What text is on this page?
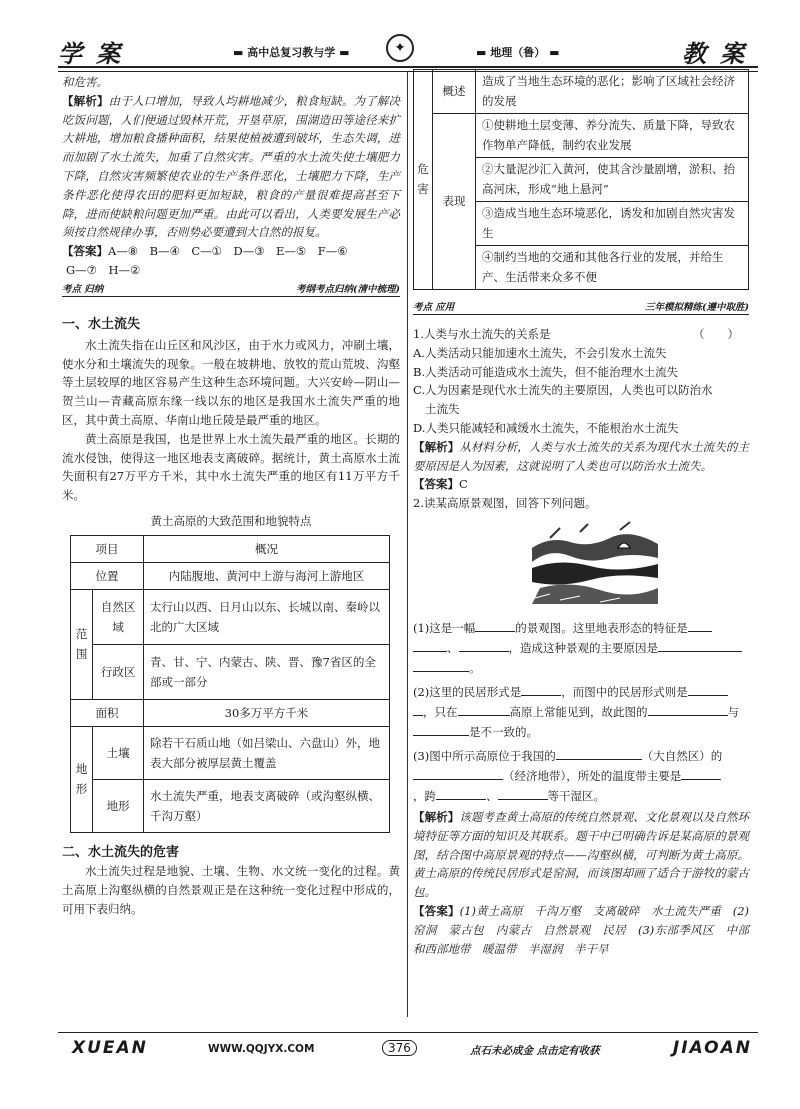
学案	▬ 高中总复习教与学 ▬	▬ 地理（鲁） ▬	教案
✦

和危害。

【解析】由于人口增加，导致人均耕地减少，粮食短缺。为了解决吃饭问题，人们便通过毁林开荒，开垦草原，围湖造田等途径来扩大耕地，增加粮食播种面积，结果使植被遭到破坏，生态失调，进而加剧了水土流失，加重了自然灾害。严重的水土流失使土壤肥力下降，自然灾害频繁使农业的生产条件恶化，土壤肥力下降，生产条件恶化使得农田的肥料更加短缺，粮食的产量很难提高甚至下降，进而使缺粮问题更加严重。由此可以看出，人类要发展生产必须按自然规律办事，否则势必要遭到大自然的报复。

【答案】A—⑧　B—④　C—①　D—③　E—⑤　F—⑥

G—⑦　H—②

考点 归纳	考纲考点归纳(清中梳理)
一、水土流失

水土流失指在山丘区和风沙区，由于水力或风力，冲刷土壤，使水分和土壤流失的现象。一般在坡耕地、放牧的荒山荒坡、沟壑等土层较厚的地区容易产生这种生态环境问题。大兴安岭—阴山—贺兰山—青藏高原东缘一线以东的地区是我国水土流失严重的地区，其中黄土高原、华南山地丘陵是最严重的地区。

黄土高原是我国，也是世界上水土流失最严重的地区。长期的流水侵蚀，使得这一地区地表支离破碎。据统计，黄土高原水土流失面积有27万平方千米，其中水土流失严重的地区有11万平方千米。

黄土高原的大致范围和地貌特点

项目		概况
位置		内陆腹地、黄河中上游与海河上游地区
范围	自然区域	太行山以西、日月山以东、长城以南、秦岭以北的广大区域
	行政区	青、甘、宁、内蒙古、陕、晋、豫7省区的全部或一部分
面积		30多万平方千米
地形	土壤	除若干石质山地（如吕梁山、六盘山）外，地表大部分被厚层黄土覆盖
	地形	水土流失严重，地表支离破碎（或沟壑纵横、千沟万壑）
二、水土流失的危害

水土流失过程是地貌、土壤、生物、水文统一变化的过程。黄土高原上沟壑纵横的自然景观正是在这种统一变化过程中形成的，可用下表归纳。

危害	概述	造成了当地生态环境的恶化；影响了区域社会经济的发展
	表现	①使耕地土层变薄、养分流失、质量下降，导致农作物单产降低，制约农业发展
		②大量泥沙汇入黄河，使其含沙量剧增，淤积、抬高河床，形成“地上悬河”
		③造成当地生态环境恶化，诱发和加剧自然灾害发生
		④制约当地的交通和其他各行业的发展，并给生产、生活带来众多不便
考点 应用	三年模拟精练(遵中取胜)

1.人类与水土流失的关系是	（　　）

A.人类活动只能加速水土流失，不会引发水土流失

B.人类活动可能造成水土流失，但不能治理水土流失

C.人为因素是现代水土流失的主要原因，人类也可以防治水

土流失

D.人类只能减轻和减缓水土流失，不能根治水土流失

【解析】从材料分析，人类与水土流失的关系为现代水土流失的主要原因是人为因素，这就说明了人类也可以防治水土流失。

【答案】C

2.读某高原景观图，回答下列问题。

(1)这是一幅	的景观图。这里地表形态的特征是
、	，造成这种景观的主要原因是
。

(2)这里的民居形式是	，而图中的民居形式则是
，只在	高原上常能见到，故此图的	与
是不一致的。

(3)图中所示高原位于我国的	（大自然区）的
（经济地带），所处的温度带主要是
，跨	、	等干湿区。

【解析】该题考查黄土高原的传统自然景观、文化景观以及自然环境特征等方面的知识及其联系。题干中已明确告诉是某高原的景观图，结合图中高原景观的特点——沟壑纵横，可判断为黄土高原。黄土高原的传统民居形式是窑洞，而该图却画了适合于游牧的蒙古包。

【答案】(1)黄土高原　千沟万壑　支离破碎　水土流失严重　(2)窑洞　蒙古包　内蒙古　自然景观　民居　(3)东部季风区　中部和西部地带　暖温带　半湿润　半干旱

XUEAN	WWW.QQJYX.COM	376	点石未必成金 点击定有收获	JIAOAN
